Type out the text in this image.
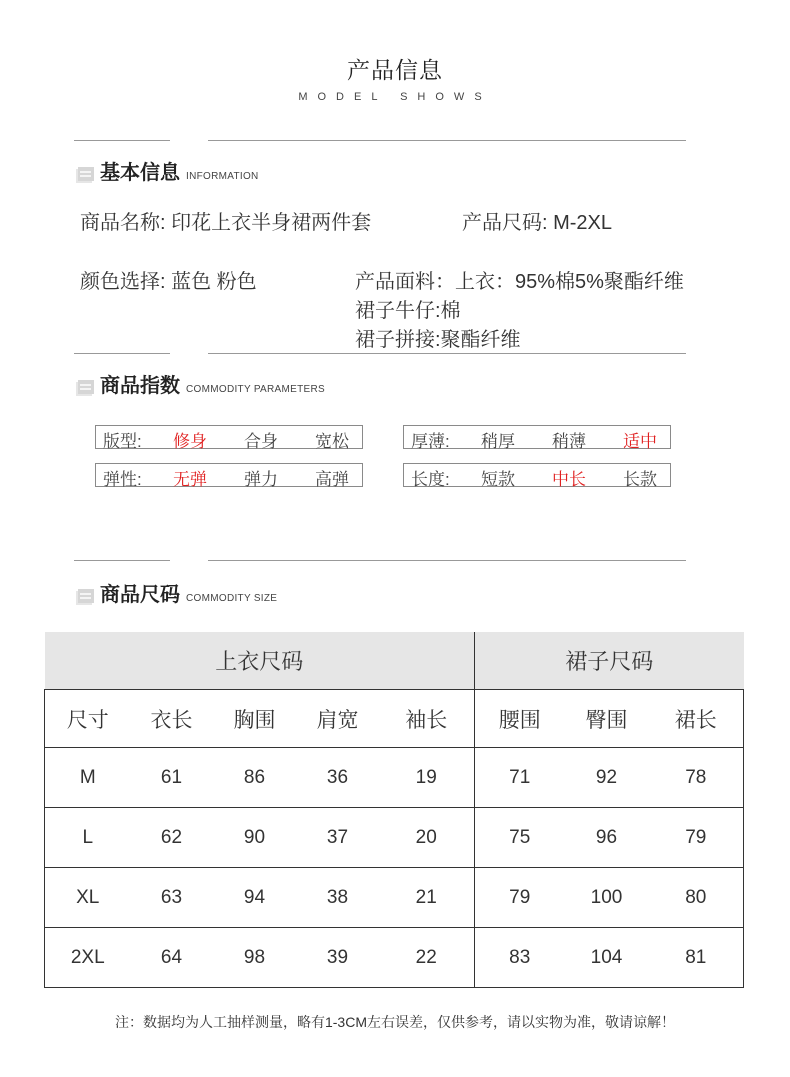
产品信息
MODEL SHOWS
基本信息 INFORMATION
商品名称: 印花上衣半身裙两件套	产品尺码: M-2XL
颜色选择: 蓝色 粉色	产品面料：上衣：95%棉5%聚酯纤维
裙子牛仔:棉
裙子拼接:聚酯纤维
商品指数 COMMODITY PARAMETERS
版型: 修身 合身 宽松	厚薄: 稍厚 稍薄 适中
弹性: 无弹 弹力 高弹	长度: 短款 中长 长款
商品尺码 COMMODITY SIZE
上衣尺码					裙子尺码		
尺寸	衣长	胸围	肩宽	袖长	腰围	臀围	裙长
M	61	86	36	19	71	92	78
L	62	90	37	20	75	96	79
XL	63	94	38	21	79	100	80
2XL	64	98	39	22	83	104	81
注：数据均为人工抽样测量，略有1-3CM左右误差，仅供参考，请以实物为准，敬请谅解！
